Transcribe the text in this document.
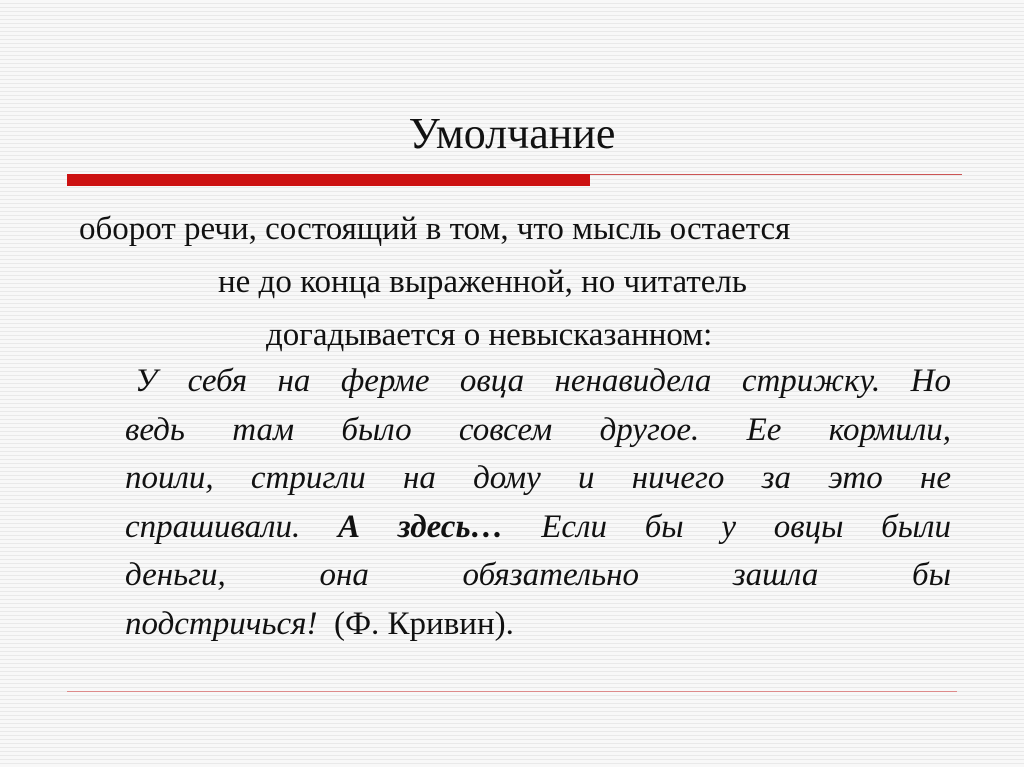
Умолчание
оборот речи, состоящий в том, что мысль остается
не до конца выраженной, но читатель
догадывается о невысказанном:
У себя на ферме овца ненавидела стрижку. Но
ведь там было совсем другое. Ее кормили,
поили, стригли на дому и ничего за это не
спрашивали. А здесь… Если бы у овцы были
деньги, она обязательно зашла бы
подстричься! (Ф. Кривин).
